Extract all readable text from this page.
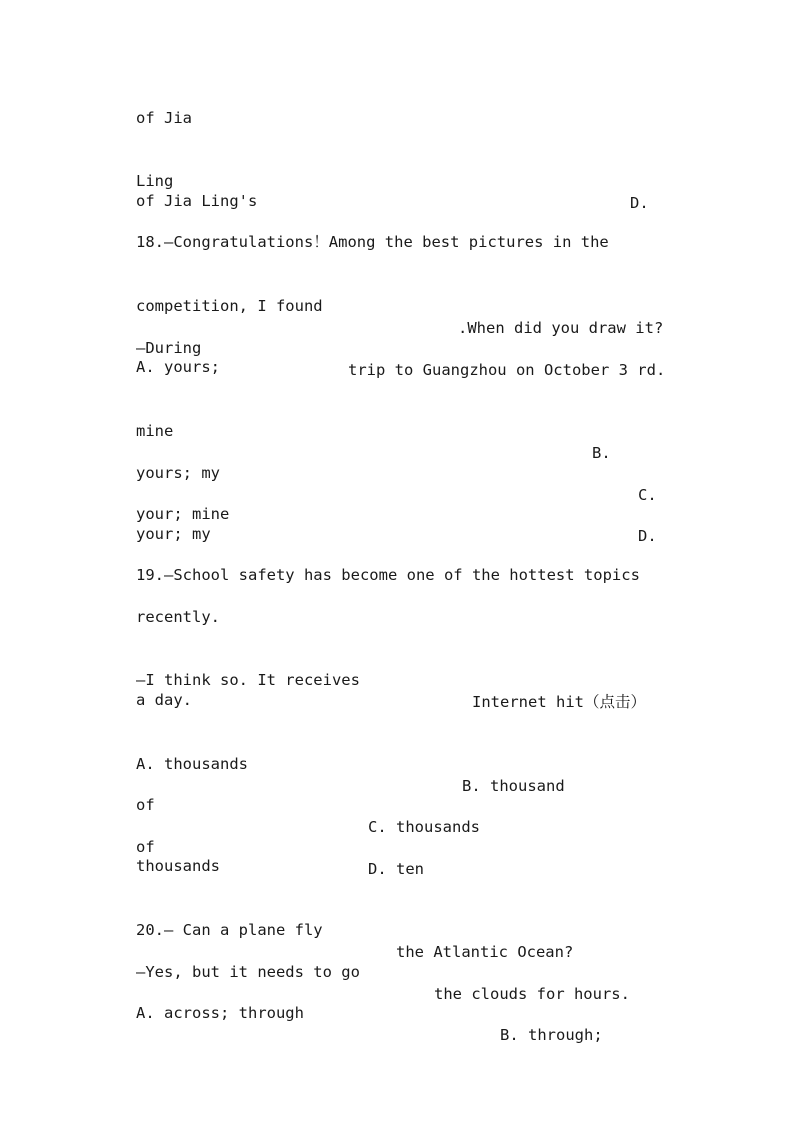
of Jia

Ling

D.

of Jia Ling's
18.—Congratulations！Among the best pictures in the

competition, I found

.When did you draw it?

—During

trip to Guangzhou on October 3 rd.

A. yours;

mine

B.

yours; my

C.

your; mine

D.

your; my
19.—School safety has become one of the hottest topics
recently.

—I think so. It receives

Internet hit（点击）

a day.

A. thousands

B. thousand

of

C. thousands

of

D. ten

thousands

20.— Can a plane fly

the Atlantic Ocean?

—Yes, but it needs to go

the clouds for hours.

A. across; through

B. through;
